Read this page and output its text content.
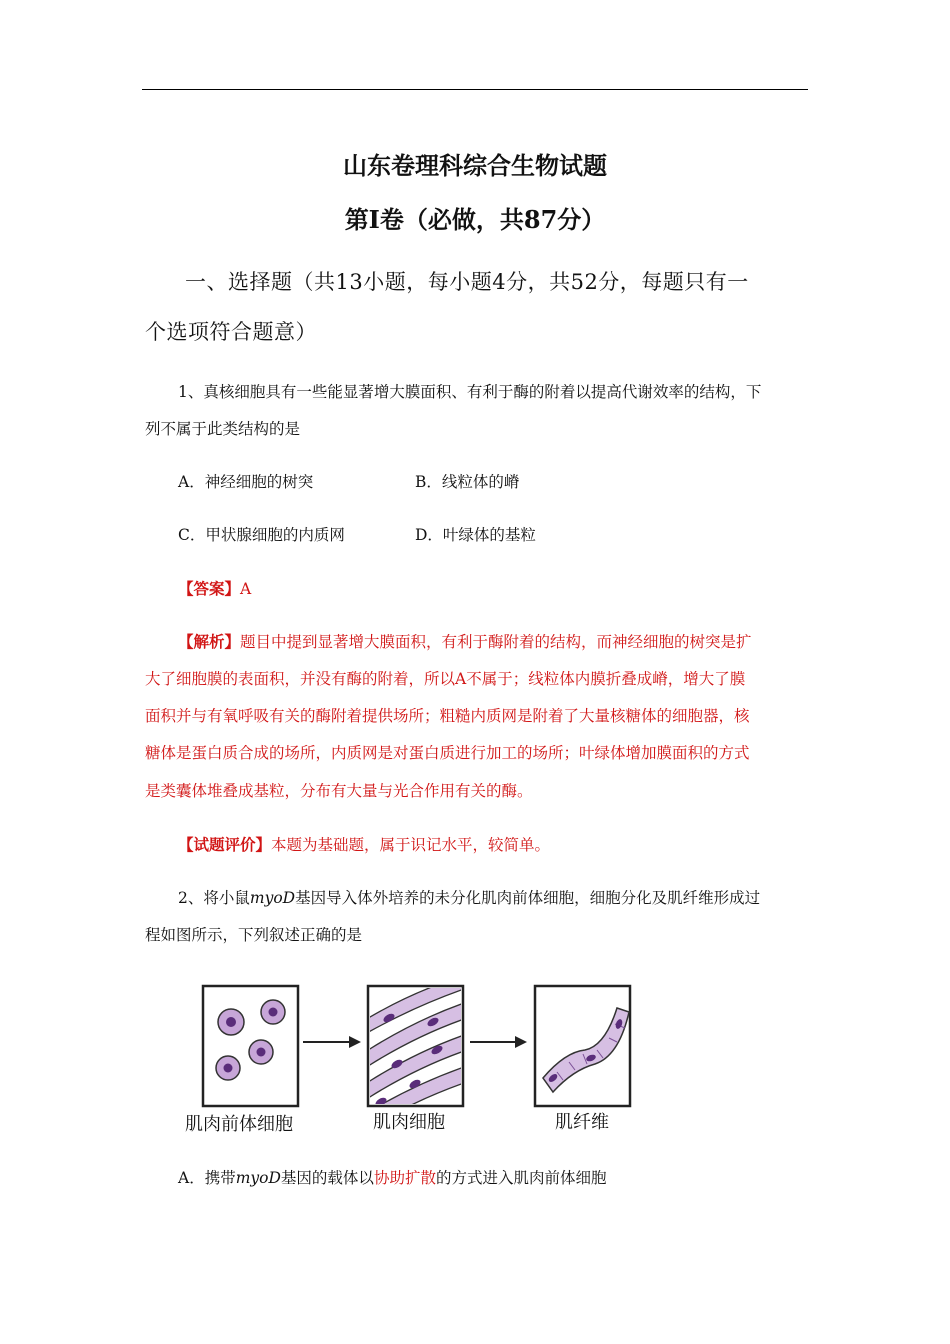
山东卷理科综合生物试题
第Ⅰ卷（必做，共87分）
一、选择题（共13小题，每小题4分，共52分，每题只有一
个选项符合题意）
1、真核细胞具有一些能显著增大膜面积、有利于酶的附着以提高代谢效率的结构，下
列不属于此类结构的是
A．神经细胞的树突	B．线粒体的嵴
C．甲状腺细胞的内质网	D．叶绿体的基粒
【答案】A
【解析】题目中提到显著增大膜面积，有利于酶附着的结构，而神经细胞的树突是扩
大了细胞膜的表面积，并没有酶的附着，所以A不属于；线粒体内膜折叠成嵴，增大了膜
面积并与有氧呼吸有关的酶附着提供场所；粗糙内质网是附着了大量核糖体的细胞器，核
糖体是蛋白质合成的场所，内质网是对蛋白质进行加工的场所；叶绿体增加膜面积的方式
是类囊体堆叠成基粒，分布有大量与光合作用有关的酶。
【试题评价】本题为基础题，属于识记水平，较简单。
2、将小鼠myoD基因导入体外培养的未分化肌肉前体细胞，细胞分化及肌纤维形成过
程如图所示，下列叙述正确的是
肌肉前体细胞	肌肉细胞	肌纤维
A．携带myoD基因的载体以协助扩散的方式进入肌肉前体细胞
